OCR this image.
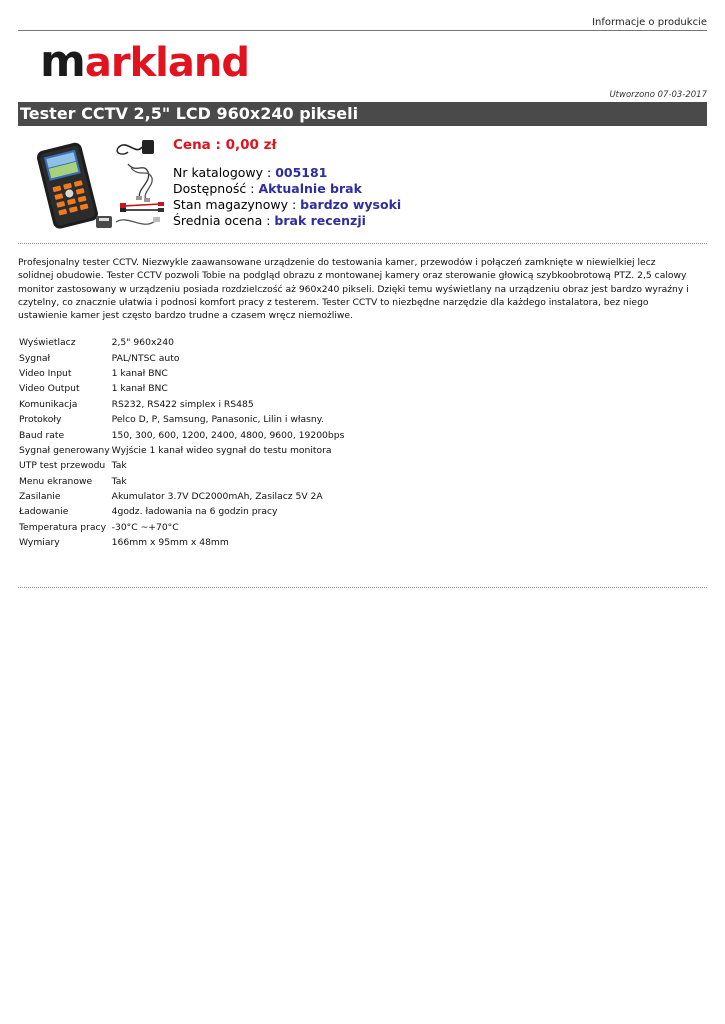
Informacje o produkcie
markland
Utworzono 07-03-2017
Tester CCTV 2,5" LCD 960x240 pikseli
Cena : 0,00 zł
Nr katalogowy : 005181
Dostępność : Aktualnie brak
Stan magazynowy : bardzo wysoki
Średnia ocena : brak recenzji
Profesjonalny tester CCTV. Niezwykle zaawansowane urządzenie do testowania kamer, przewodów i połączeń zamknięte w niewielkiej lecz solidnej obudowie. Tester CCTV pozwoli Tobie na podgląd obrazu z montowanej kamery oraz sterowanie głowicą szybkoobrotową PTZ. 2,5 calowy monitor zastosowany w urządzeniu posiada rozdzielczość aż 960x240 pikseli. Dzięki temu wyświetlany na urządzeniu obraz jest bardzo wyraźny i czytelny, co znacznie ułatwia i podnosi komfort pracy z testerem. Tester CCTV to niezbędne narzędzie dla każdego instalatora, bez niego ustawienie kamer jest często bardzo trudne a czasem wręcz niemożliwe.
Wyświetlacz	2,5" 960x240
Sygnał	PAL/NTSC auto
Video Input	1 kanał BNC
Video Output	1 kanał BNC
Komunikacja	RS232, RS422 simplex i RS485
Protokoły	Pelco D, P, Samsung, Panasonic, Lilin i własny.
Baud rate	150, 300, 600, 1200, 2400, 4800, 9600, 19200bps
Sygnał generowany	Wyjście 1 kanał wideo sygnał do testu monitora
UTP test przewodu	Tak
Menu ekranowe	Tak
Zasilanie	Akumulator 3.7V DC2000mAh, Zasilacz 5V 2A
Ładowanie	4godz. ładowania na 6 godzin pracy
Temperatura pracy	-30°C ~+70°C
Wymiary	166mm x 95mm x 48mm
